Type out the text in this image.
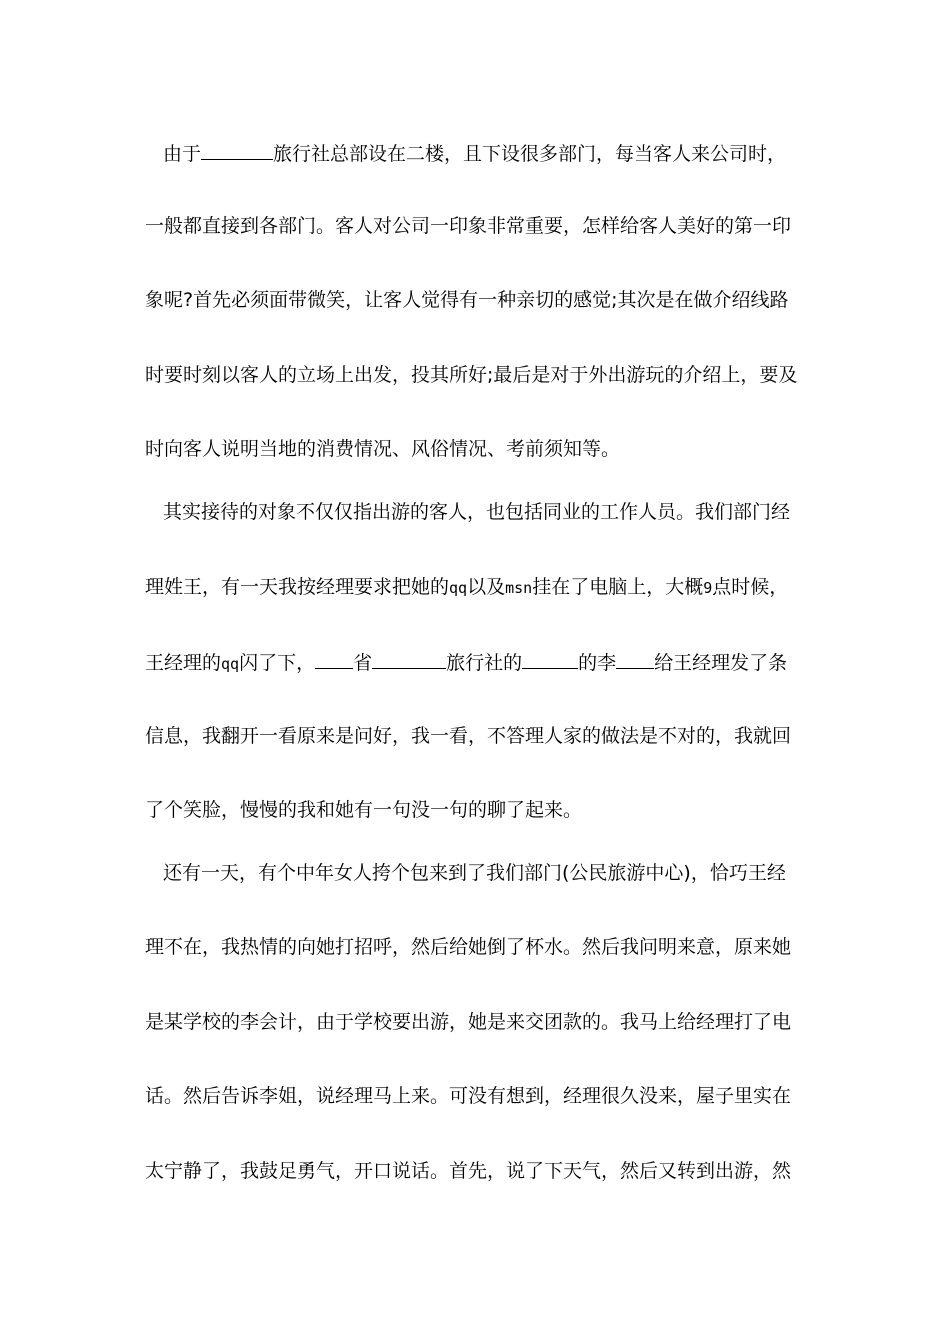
由于	旅行社总部设在二楼，且下设很多部门，每当客人来公司时，
一般都直接到各部门。客人对公司一印象非常重要，怎样给客人美好的第一印
象呢?首先必须面带微笑，让客人觉得有一种亲切的感觉;其次是在做介绍线路
时要时刻以客人的立场上出发，投其所好;最后是对于外出游玩的介绍上，要及
时向客人说明当地的消费情况、风俗情况、考前须知等。
其实接待的对象不仅仅指出游的客人，也包括同业的工作人员。我们部门经
理姓王，有一天我按经理要求把她的qq以及msn挂在了电脑上，大概9点时候，
王经理的qq闪了下， 省	旅行社的	的李 给王经理发了条
信息，我翻开一看原来是问好，我一看，不答理人家的做法是不对的，我就回
了个笑脸，慢慢的我和她有一句没一句的聊了起来。
还有一天，有个中年女人挎个包来到了我们部门(公民旅游中心)，恰巧王经
理不在，我热情的向她打招呼，然后给她倒了杯水。然后我问明来意，原来她
是某学校的李会计，由于学校要出游，她是来交团款的。我马上给经理打了电
话。然后告诉李姐，说经理马上来。可没有想到，经理很久没来，屋子里实在
太宁静了，我鼓足勇气，开口说话。首先，说了下天气，然后又转到出游，然
